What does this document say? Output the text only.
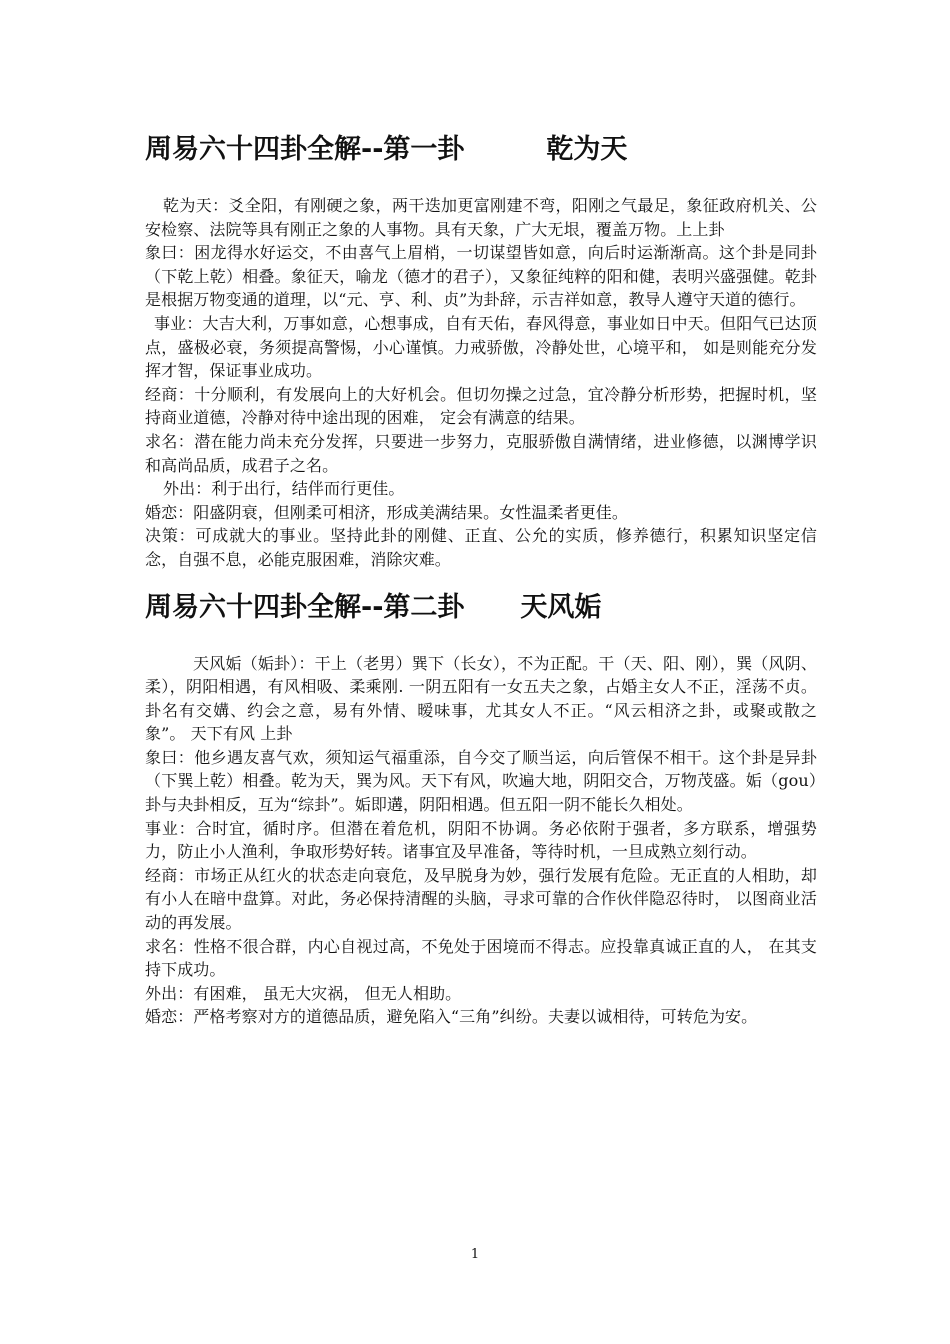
周易六十四卦全解--第一卦	乾为天

乾为天：爻全阳，有刚硬之象，两干迭加更富刚建不弯，阳刚之气最足，象征政府机关、公安检察、法院等具有刚正之象的人事物。具有天象，广大无垠，覆盖万物。上上卦

象曰：困龙得水好运交，不由喜气上眉梢，一切谋望皆如意，向后时运渐渐高。这个卦是同卦（下乾上乾）相叠。象征天，喻龙（德才的君子），又象征纯粹的阳和健，表明兴盛强健。乾卦是根据万物变通的道理，以“元、亨、利、贞”为卦辞，示吉祥如意，教导人遵守天道的德行。

事业：大吉大利，万事如意，心想事成，自有天佑，春风得意，事业如日中天。但阳气已达顶点，盛极必衰，务须提高警惕，小心谨慎。力戒骄傲，冷静处世，心境平和， 如是则能充分发挥才智，保证事业成功。

经商：十分顺利，有发展向上的大好机会。但切勿操之过急，宜冷静分析形势，把握时机，坚持商业道德，冷静对待中途出现的困难， 定会有满意的结果。

求名：潜在能力尚未充分发挥，只要进一步努力，克服骄傲自满情绪，进业修德，以渊博学识和高尚品质，成君子之名。

外出：利于出行，结伴而行更佳。

婚恋：阳盛阴衰，但刚柔可相济，形成美满结果。女性温柔者更佳。

决策：可成就大的事业。坚持此卦的刚健、正直、公允的实质，修养德行，积累知识坚定信念，自强不息，必能克服困难，消除灾难。

周易六十四卦全解--第二卦 天风姤

天风姤（姤卦）：干上（老男）巽下（长女），不为正配。干（天、阳、刚），巽（风阴、柔），阴阳相遇，有风相吸、柔乘刚. 一阴五阳有一女五夫之象，占婚主女人不正，淫荡不贞。卦名有交媾、约会之意，易有外情、暧味事，尤其女人不正。“风云相济之卦，或聚或散之象”。 天下有风 上卦

象曰：他乡遇友喜气欢，须知运气福重添，自今交了顺当运，向后管保不相干。这个卦是异卦（下巽上乾）相叠。乾为天，巽为风。天下有风，吹遍大地，阴阳交合，万物茂盛。姤（gou）卦与夬卦相反，互为“综卦”。姤即遘，阴阳相遇。但五阳一阴不能长久相处。

事业：合时宜，循时序。但潜在着危机，阴阳不协调。务必依附于强者，多方联系，增强势力，防止小人渔利，争取形势好转。诸事宜及早准备，等待时机，一旦成熟立刻行动。

经商：市场正从红火的状态走向衰危，及早脱身为妙，强行发展有危险。无正直的人相助，却有小人在暗中盘算。对此，务必保持清醒的头脑，寻求可靠的合作伙伴隐忍待时， 以图商业活动的再发展。

求名：性格不很合群，内心自视过高，不免处于困境而不得志。应投靠真诚正直的人， 在其支持下成功。

外出：有困难， 虽无大灾祸， 但无人相助。

婚恋：严格考察对方的道德品质，避免陷入“三角”纠纷。夫妻以诚相待，可转危为安。

1
